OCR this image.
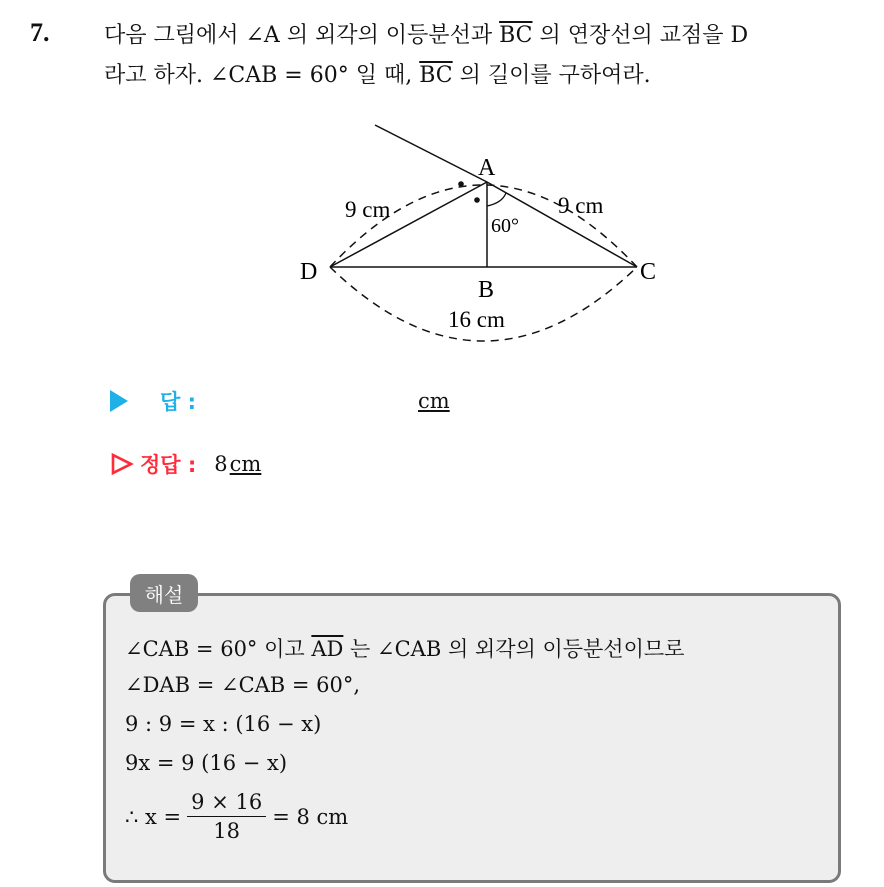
7. 다음 그림에서 ∠A 의 외각의 이등분선과 $\overline{BC}$ 의 연장선의 교점을 D
라고 하자. ∠CAB = 60° 일 때, $\overline{BC}$ 의 길이를 구하여라.
A
B
C
D
9 cm	9 cm
16 cm
60°
답 :	cm
정답 : 8 cm
해설
∠CAB = 60° 이고 $\overline{AD}$ 는 ∠CAB 의 외각의 이등분선이므로
∠DAB = ∠CAB = 60°,
9 : 9 = x : (16 − x)
9x = 9 (16 − x)
∴ $x = \frac{9 \times 16}{18} = 8$ cm
